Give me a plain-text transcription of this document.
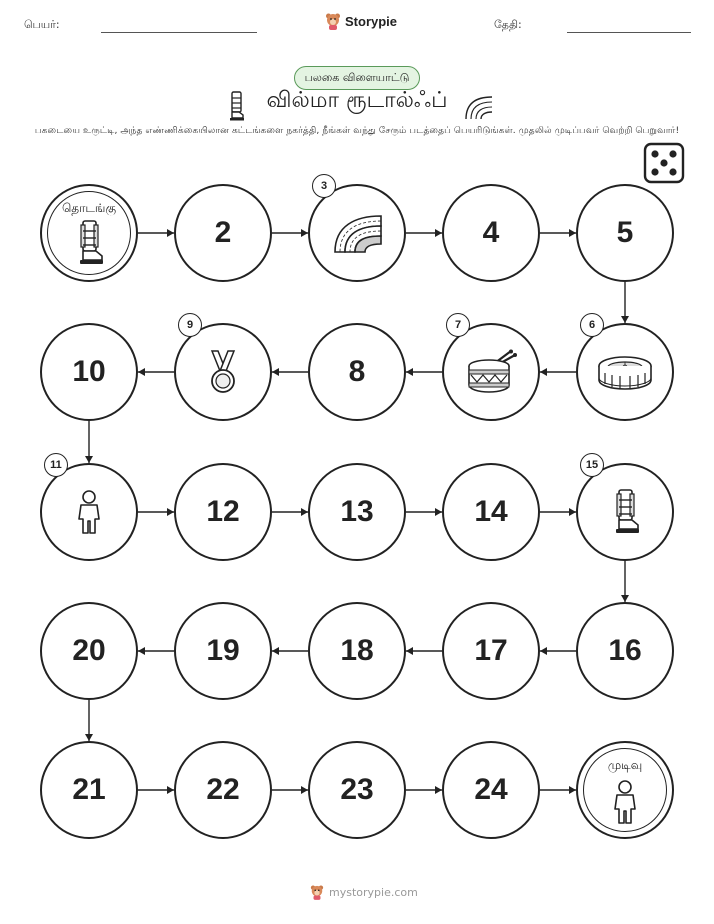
பெயர்:	Storypie	தேதி:
பலகை விளையாட்டு
வில்மா ரூடால்ஃப்
பகடையை உருட்டி, அந்த எண்ணிக்கையிலான கட்டங்களை நகர்த்தி, நீங்கள் வந்து சேரும் படத்தைப் பெயரிடுங்கள். முதலில் முடிப்பவர் வெற்றி பெறுவார்!
தொடங்கு
2
3
4	5
6
7
8
9
10
11
12	13	14
15
16
17
18
19
20
21	22	23	24
முடிவு
mystorypie.com
